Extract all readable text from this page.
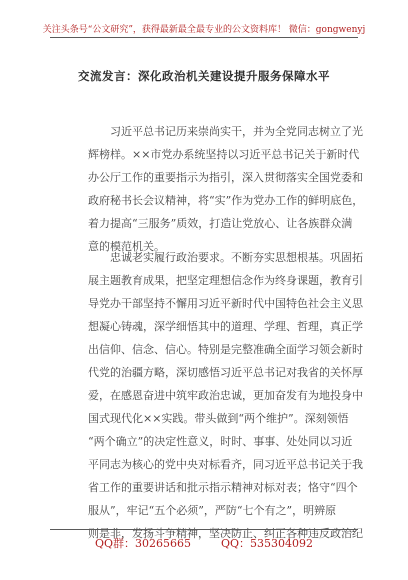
关注头条号“公文研究”，获得最新最全最专业的公文资料库！ 微信：gongwenyj
交流发言：深化政治机关建设提升服务保障水平
　　习近平总书记历来崇尚实干，并为全党同志树立了光
辉榜样。××市党办系统坚持以习近平总书记关于新时代
办公厅工作的重要指示为指引，深入贯彻落实全国党委和
政府秘书长会议精神，将“实”作为党办工作的鲜明底色，
着力提高“三服务”质效，打造让党放心、让各族群众满
意的模范机关。
　　忠诚老实履行政治要求。不断夯实思想根基。巩固拓
展主题教育成果，把坚定理想信念作为终身课题，教育引
导党办干部坚持不懈用习近平新时代中国特色社会主义思
想凝心铸魂，深学细悟其中的道理、学理、哲理，真正学
出信仰、信念、信心。特别是完整准确全面学习领会新时
代党的治疆方略，深切感悟习近平总书记对我省的关怀厚
爱，在感恩奋进中筑牢政治忠诚，更加奋发有为地投身中
国式现代化××实践。带头做到“两个维护”。深刻领悟
“两个确立”的决定性意义，时时、事事、处处同以习近
平同志为核心的党中央对标看齐，同习近平总书记关于我
省工作的重要讲话和批示指示精神对标对表；恪守“四个
服从”，牢记“五个必须”，严防“七个有之”，明辨原
则是非，发扬斗争精神，坚决防止、纠正各种违反政治纪
QQ群：30265665	QQ：535304092
